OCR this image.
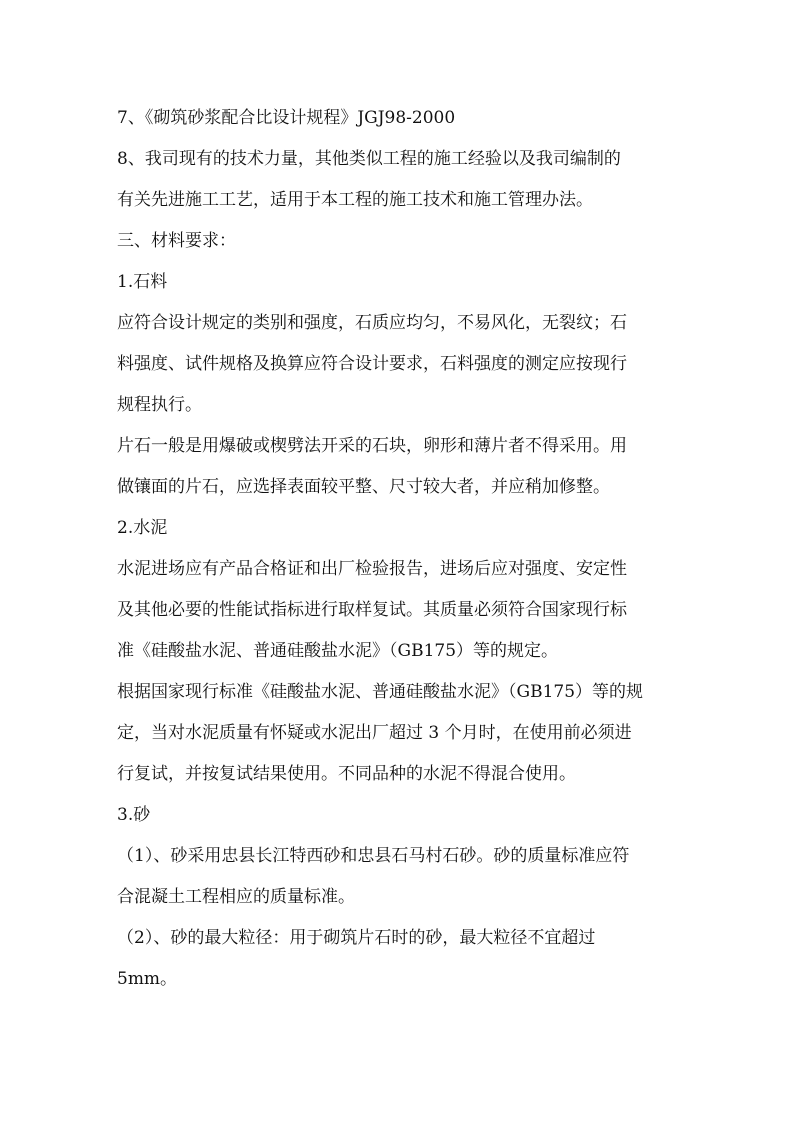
7、《砌筑砂浆配合比设计规程》JGJ98-2000

8、我司现有的技术力量，其他类似工程的施工经验以及我司编制的

有关先进施工工艺，适用于本工程的施工技术和施工管理办法。

三、材料要求：

1.石料

应符合设计规定的类别和强度，石质应均匀，不易风化，无裂纹；石

料强度、试件规格及换算应符合设计要求，石料强度的测定应按现行

规程执行。

片石一般是用爆破或楔劈法开采的石块，卵形和薄片者不得采用。用

做镶面的片石，应选择表面较平整、尺寸较大者，并应稍加修整。

2.水泥

水泥进场应有产品合格证和出厂检验报告，进场后应对强度、安定性

及其他必要的性能试指标进行取样复试。其质量必须符合国家现行标

准《硅酸盐水泥、普通硅酸盐水泥》（GB175）等的规定。

根据国家现行标准《硅酸盐水泥、普通硅酸盐水泥》（GB175）等的规

定，当对水泥质量有怀疑或水泥出厂超过 3 个月时，在使用前必须进

行复试，并按复试结果使用。不同品种的水泥不得混合使用。

3.砂

（1）、砂采用忠县长江特西砂和忠县石马村石砂。砂的质量标准应符

合混凝土工程相应的质量标准。

（2）、砂的最大粒径：用于砌筑片石时的砂，最大粒径不宜超过

5mm。
